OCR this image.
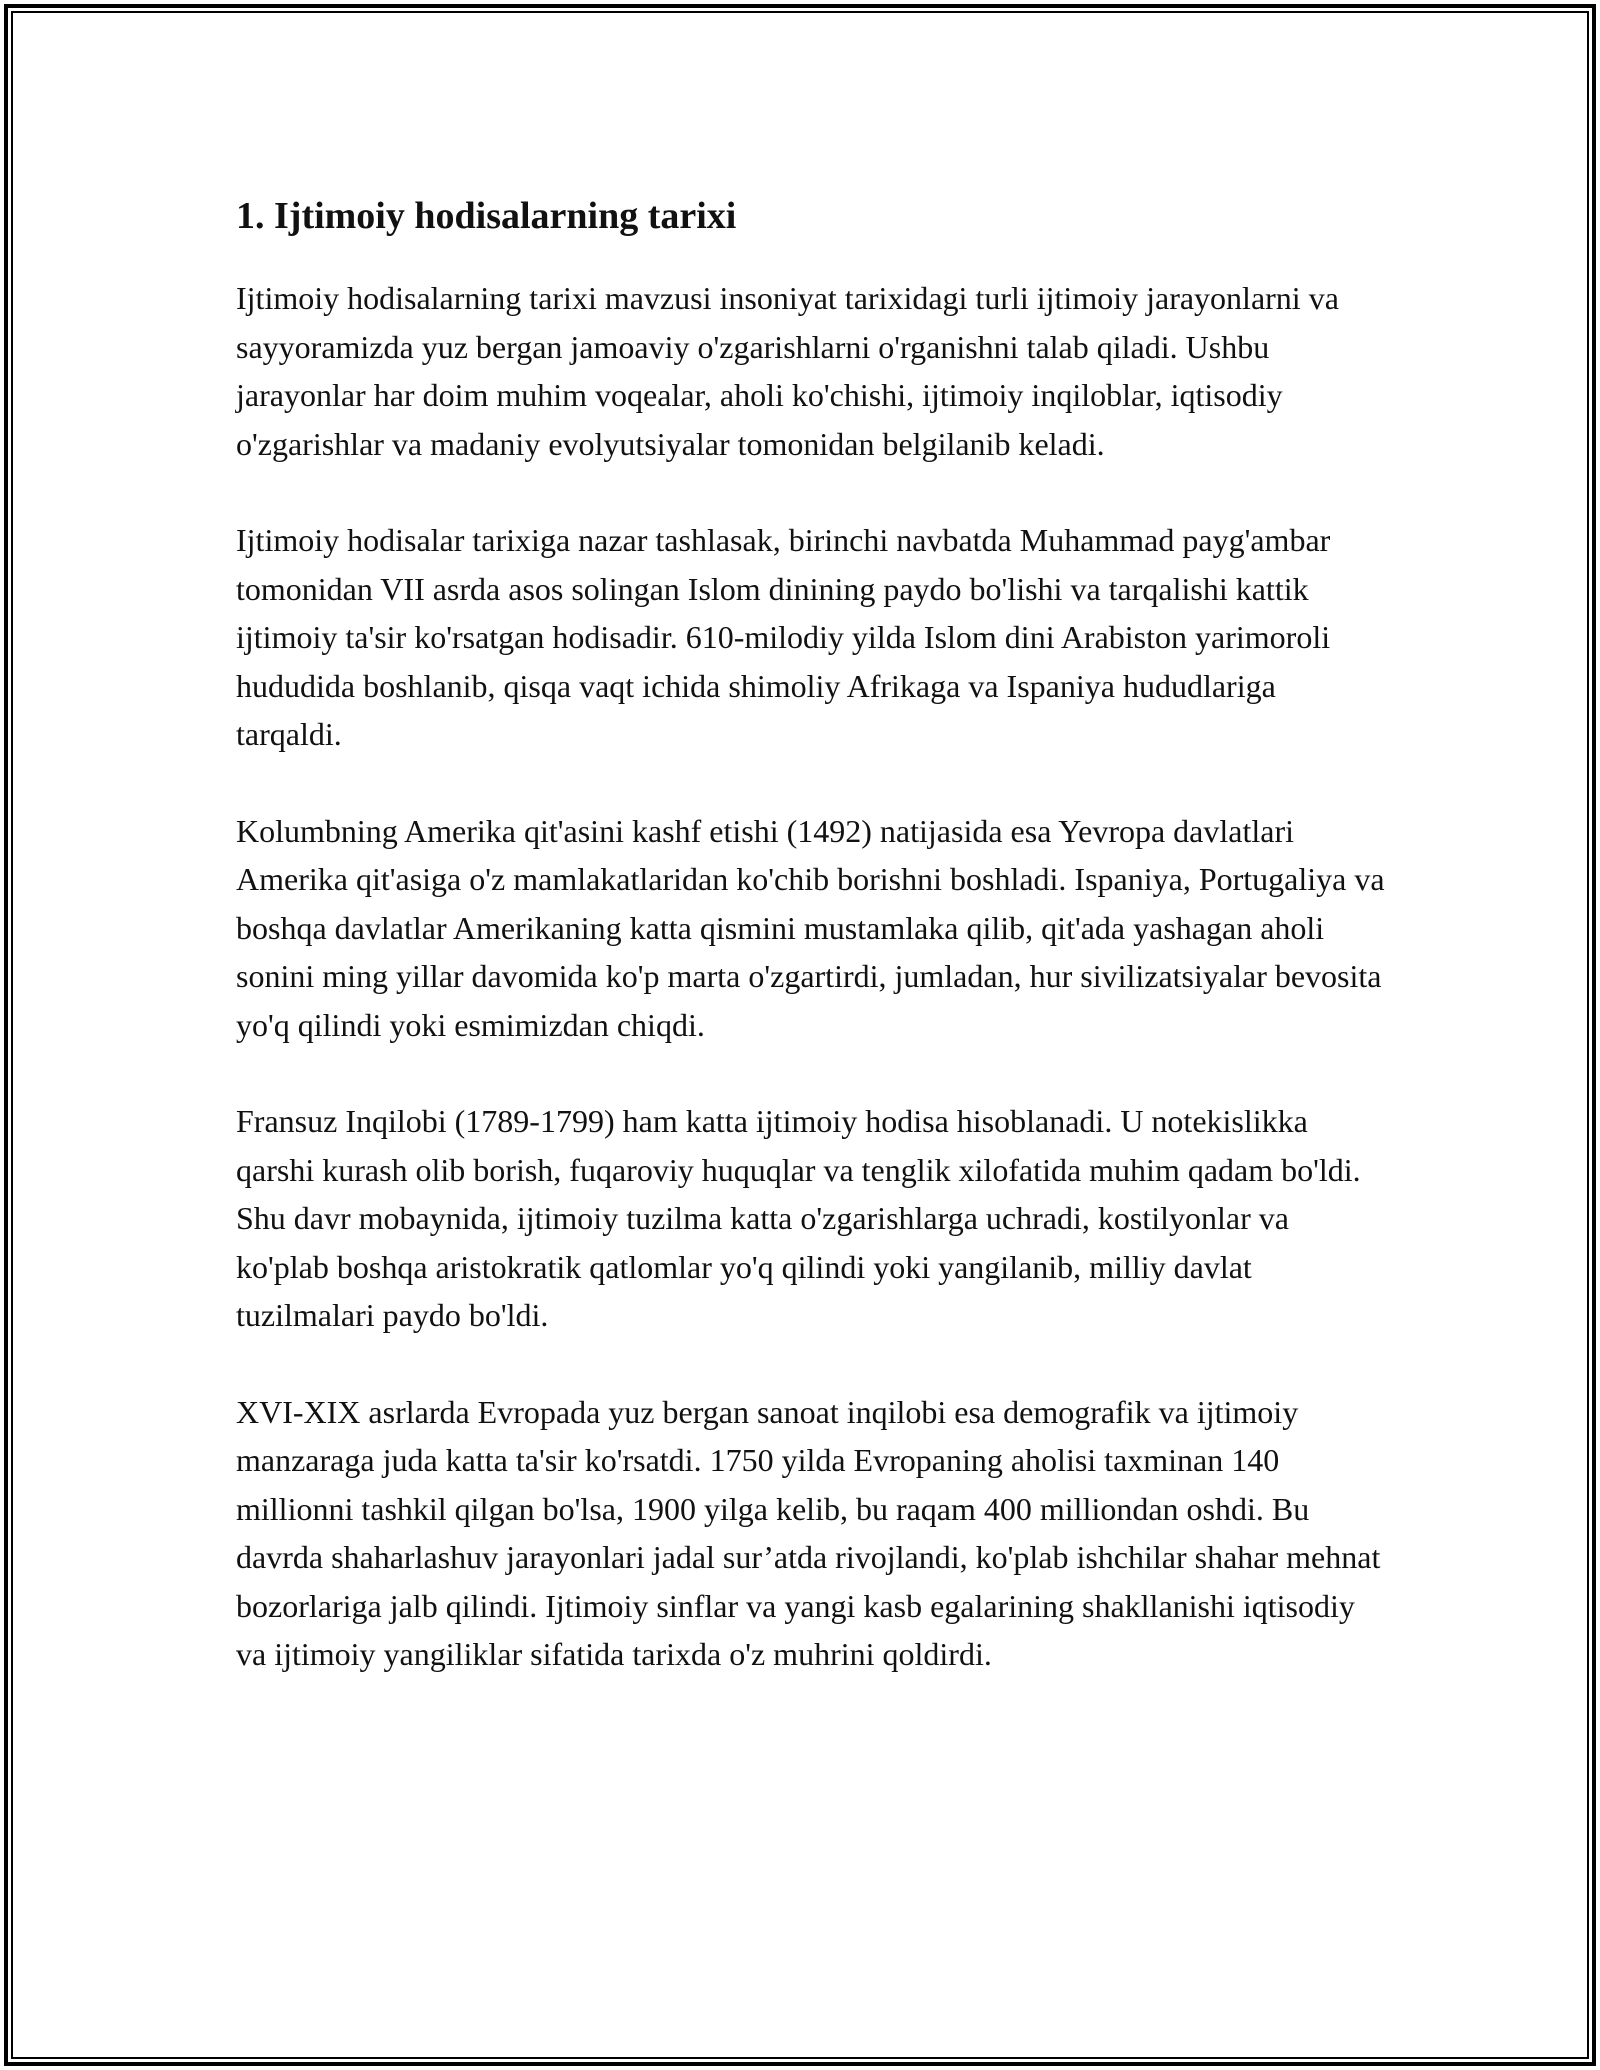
1. Ijtimoiy hodisalarning tarixi

Ijtimoiy hodisalarning tarixi mavzusi insoniyat tarixidagi turli ijtimoiy jarayonlarni va sayyoramizda yuz bergan jamoaviy o'zgarishlarni o'rganishni talab qiladi. Ushbu jarayonlar har doim muhim voqealar, aholi ko'chishi, ijtimoiy inqiloblar, iqtisodiy o'zgarishlar va madaniy evolyutsiyalar tomonidan belgilanib keladi.

Ijtimoiy hodisalar tarixiga nazar tashlasak, birinchi navbatda Muhammad payg'ambar tomonidan VII asrda asos solingan Islom dinining paydo bo'lishi va tarqalishi kattik ijtimoiy ta'sir ko'rsatgan hodisadir. 610-milodiy yilda Islom dini Arabiston yarimoroli hududida boshlanib, qisqa vaqt ichida shimoliy Afrikaga va Ispaniya hududlariga tarqaldi.

Kolumbning Amerika qit'asini kashf etishi (1492) natijasida esa Yevropa davlatlari Amerika qit'asiga o'z mamlakatlaridan ko'chib borishni boshladi. Ispaniya, Portugaliya va boshqa davlatlar Amerikaning katta qismini mustamlaka qilib, qit'ada yashagan aholi sonini ming yillar davomida ko'p marta o'zgartirdi, jumladan, hur sivilizatsiyalar bevosita yo'q qilindi yoki esmimizdan chiqdi.

Fransuz Inqilobi (1789-1799) ham katta ijtimoiy hodisa hisoblanadi. U notekislikka qarshi kurash olib borish, fuqaroviy huquqlar va tenglik xilofatida muhim qadam bo'ldi. Shu davr mobaynida, ijtimoiy tuzilma katta o'zgarishlarga uchradi, kostilyonlar va ko'plab boshqa aristokratik qatlomlar yo'q qilindi yoki yangilanib, milliy davlat tuzilmalari paydo bo'ldi.

XVI-XIX asrlarda Evropada yuz bergan sanoat inqilobi esa demografik va ijtimoiy manzaraga juda katta ta'sir ko'rsatdi. 1750 yilda Evropaning aholisi taxminan 140 millionni tashkil qilgan bo'lsa, 1900 yilga kelib, bu raqam 400 milliondan oshdi. Bu davrda shaharlashuv jarayonlari jadal sur’atda rivojlandi, ko'plab ishchilar shahar mehnat bozorlariga jalb qilindi. Ijtimoiy sinflar va yangi kasb egalarining shakllanishi iqtisodiy va ijtimoiy yangiliklar sifatida tarixda o'z muhrini qoldirdi.
